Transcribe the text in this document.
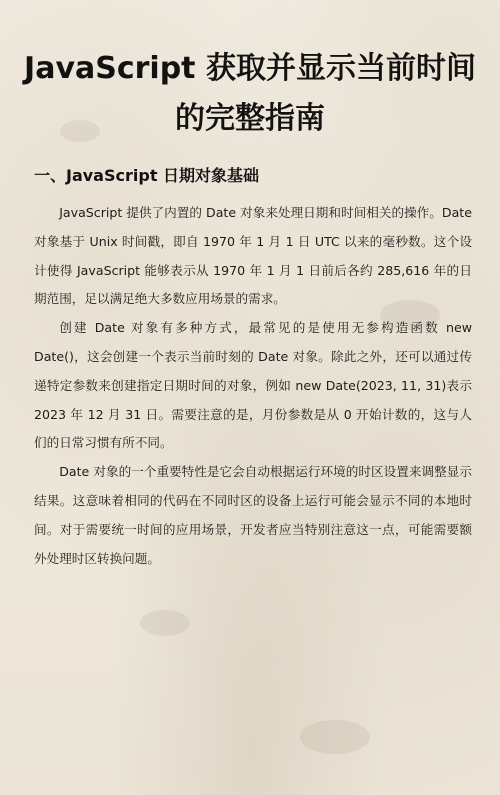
JavaScript 获取并显示当前时间的完整指南
一、JavaScript 日期对象基础

JavaScript 提供了内置的 Date 对象来处理日期和时间相关的操作。Date 对象基于 Unix 时间戳，即自 1970 年 1 月 1 日 UTC 以来的毫秒数。这个设计使得 JavaScript 能够表示从 1970 年 1 月 1 日前后各约 285,616 年的日期范围，足以满足绝大多数应用场景的需求。

创建 Date 对象有多种方式，最常见的是使用无参构造函数 new Date()，这会创建一个表示当前时刻的 Date 对象。除此之外，还可以通过传递特定参数来创建指定日期时间的对象，例如 new Date(2023, 11, 31)表示 2023 年 12 月 31 日。需要注意的是，月份参数是从 0 开始计数的，这与人们的日常习惯有所不同。

Date 对象的一个重要特性是它会自动根据运行环境的时区设置来调整显示结果。这意味着相同的代码在不同时区的设备上运行可能会显示不同的本地时间。对于需要统一时间的应用场景，开发者应当特别注意这一点，可能需要额外处理时区转换问题。
